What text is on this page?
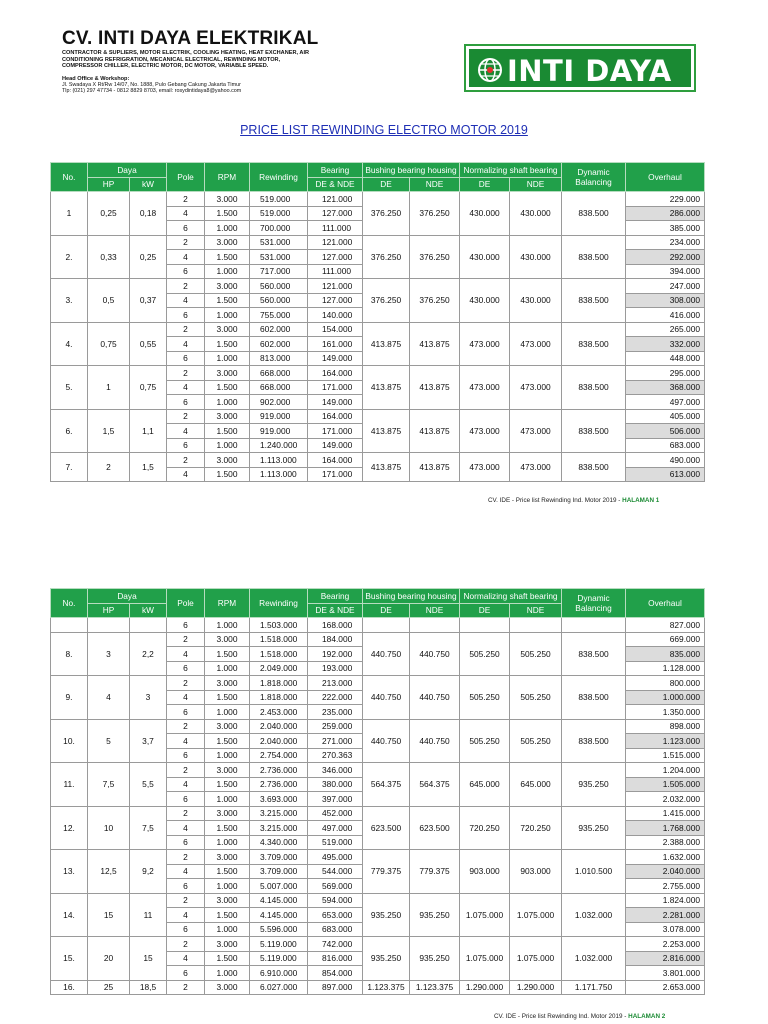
CV. INTI DAYA ELEKTRIKAL
CONTRACTOR & SUPLIERS, MOTOR ELECTRIK, COOLING HEATING, HEAT EXCHANER, AIR CONDITIONING REFRIGRATION, MECANICAL ELECTRICAL, REWINDING MOTOR, COMPRESSOR CHILLER, ELECTRIC MOTOR, DC MOTOR, VARIABLE SPEED.
Head Office & Workshop:
Jl. Swadaya X Rt/Rw 14/07, No. 1888, Pulo Gebang Cakung Jakarta Timur
Tlp: (021) 297 47734 - 0812 8829 8703, email: rosydintidaya8@yahoo.com
INTI DAYA
PRICE LIST REWINDING ELECTRO MOTOR 2019
No.	Daya		Pole	RPM	Rewinding	Bearing	Bushing bearing housing		Normalizing shaft bearing		Dynamic Balancing	Overhaul
	HP	kW				DE & NDE	DE	NDE	DE	NDE		
1	0,25	0,18	2	3.000	519.000	121.000	376.250	376.250	430.000	430.000	838.500	229.000
			4	1.500	519.000	127.000						286.000
			6	1.000	700.000	111.000						385.000
2.	0,33	0,25	2	3.000	531.000	121.000	376.250	376.250	430.000	430.000	838.500	234.000
			4	1.500	531.000	127.000						292.000
			6	1.000	717.000	111.000						394.000
3.	0,5	0,37	2	3.000	560.000	121.000	376.250	376.250	430.000	430.000	838.500	247.000
			4	1.500	560.000	127.000						308.000
			6	1.000	755.000	140.000						416.000
4.	0,75	0,55	2	3.000	602.000	154.000	413.875	413.875	473.000	473.000	838.500	265.000
			4	1.500	602.000	161.000						332.000
			6	1.000	813.000	149.000						448.000
5.	1	0,75	2	3.000	668.000	164.000	413.875	413.875	473.000	473.000	838.500	295.000
			4	1.500	668.000	171.000						368.000
			6	1.000	902.000	149.000						497.000
6.	1,5	1,1	2	3.000	919.000	164.000	413.875	413.875	473.000	473.000	838.500	405.000
			4	1.500	919.000	171.000						506.000
			6	1.000	1.240.000	149.000						683.000
7.	2	1,5	2	3.000	1.113.000	164.000	413.875	413.875	473.000	473.000	838.500	490.000
			4	1.500	1.113.000	171.000						613.000
CV. IDE - Price list Rewinding Ind. Motor 2019 - HALAMAN 1
No.	Daya		Pole	RPM	Rewinding	Bearing	Bushing bearing housing		Normalizing shaft bearing		Dynamic Balancing	Overhaul
	HP	kW				DE & NDE	DE	NDE	DE	NDE		
			6	1.000	1.503.000	168.000						827.000
8.	3	2,2	2	3.000	1.518.000	184.000	440.750	440.750	505.250	505.250	838.500	669.000
			4	1.500	1.518.000	192.000						835.000
			6	1.000	2.049.000	193.000						1.128.000
9.	4	3	2	3.000	1.818.000	213.000	440.750	440.750	505.250	505.250	838.500	800.000
			4	1.500	1.818.000	222.000						1.000.000
			6	1.000	2.453.000	235.000						1.350.000
10.	5	3,7	2	3.000	2.040.000	259.000	440.750	440.750	505.250	505.250	838.500	898.000
			4	1.500	2.040.000	271.000						1.123.000
			6	1.000	2.754.000	270.363						1.515.000
11.	7,5	5,5	2	3.000	2.736.000	346.000	564.375	564.375	645.000	645.000	935.250	1.204.000
			4	1.500	2.736.000	380.000						1.505.000
			6	1.000	3.693.000	397.000						2.032.000
12.	10	7,5	2	3.000	3.215.000	452.000	623.500	623.500	720.250	720.250	935.250	1.415.000
			4	1.500	3.215.000	497.000						1.768.000
			6	1.000	4.340.000	519.000						2.388.000
13.	12,5	9,2	2	3.000	3.709.000	495.000	779.375	779.375	903.000	903.000	1.010.500	1.632.000
			4	1.500	3.709.000	544.000						2.040.000
			6	1.000	5.007.000	569.000						2.755.000
14.	15	11	2	3.000	4.145.000	594.000	935.250	935.250	1.075.000	1.075.000	1.032.000	1.824.000
			4	1.500	4.145.000	653.000						2.281.000
			6	1.000	5.596.000	683.000						3.078.000
15.	20	15	2	3.000	5.119.000	742.000	935.250	935.250	1.075.000	1.075.000	1.032.000	2.253.000
			4	1.500	5.119.000	816.000						2.816.000
			6	1.000	6.910.000	854.000						3.801.000
16.	25	18,5	2	3.000	6.027.000	897.000	1.123.375	1.123.375	1.290.000	1.290.000	1.171.750	2.653.000
CV. IDE - Price list Rewinding Ind. Motor 2019 - HALAMAN 2
